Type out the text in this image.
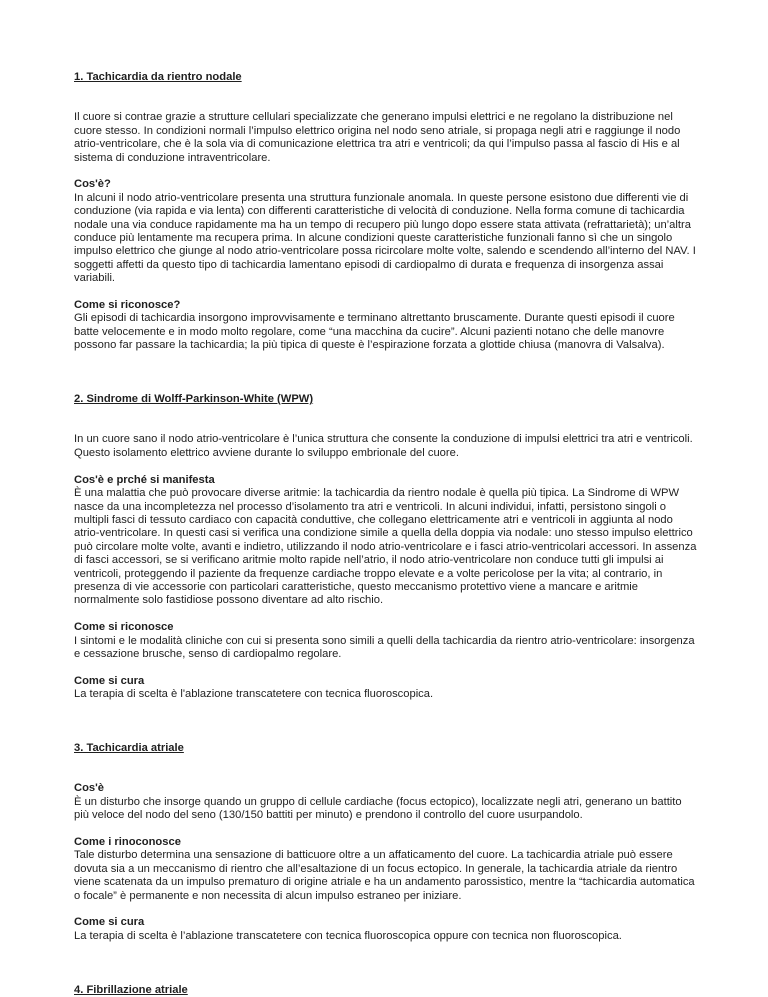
1. Tachicardia da rientro nodale
Il cuore si contrae grazie a strutture cellulari specializzate che generano impulsi elettrici e ne regolano la distribuzione nel cuore stesso. In condizioni normali l’impulso elettrico origina nel nodo seno atriale, si propaga negli atri e raggiunge il nodo atrio-ventricolare, che è la sola via di comunicazione elettrica tra atri e ventricoli; da qui l’impulso passa al fascio di His e al sistema di conduzione intraventricolare.
Cos'è?
In alcuni il nodo atrio-ventricolare presenta una struttura funzionale anomala. In queste persone esistono due differenti vie di conduzione (via rapida e via lenta) con differenti caratteristiche di velocità di conduzione. Nella forma comune di tachicardia nodale una via conduce rapidamente ma ha un tempo di recupero più lungo dopo essere stata attivata (refrattarietà); un’altra conduce più lentamente ma recupera prima. In alcune condizioni queste caratteristiche funzionali fanno sì che un singolo impulso elettrico che giunge al nodo atrio-ventricolare possa ricircolare molte volte, salendo e scendendo all’interno del NAV. I soggetti affetti da questo tipo di tachicardia lamentano episodi di cardiopalmo di durata e frequenza di insorgenza assai variabili.
Come si riconosce?
Gli episodi di tachicardia insorgono improvvisamente e terminano altrettanto bruscamente. Durante questi episodi il cuore batte velocemente e in modo molto regolare, come “una macchina da cucire”. Alcuni pazienti notano che delle manovre possono far passare la tachicardia; la più tipica di queste è l’espirazione forzata a glottide chiusa (manovra di Valsalva).
2. Sindrome di Wolff-Parkinson-White (WPW)
In un cuore sano il nodo atrio-ventricolare è l’unica struttura che consente la conduzione di impulsi elettrici tra atri e ventricoli. Questo isolamento elettrico avviene durante lo sviluppo embrionale del cuore.
Cos'è e prché si manifesta
È una malattia che può provocare diverse aritmie: la tachicardia da rientro nodale è quella più tipica. La Sindrome di WPW nasce da una incompletezza nel processo d’isolamento tra atri e ventricoli. In alcuni individui, infatti, persistono singoli o multipli fasci di tessuto cardiaco con capacità conduttive, che collegano elettricamente atri e ventricoli in aggiunta al nodo atrio-ventricolare. In questi casi si verifica una condizione simile a quella della doppia via nodale: uno stesso impulso elettrico può circolare molte volte, avanti e indietro, utilizzando il nodo atrio-ventricolare e i fasci atrio-ventricolari accessori. In assenza di fasci accessori, se si verificano aritmie molto rapide nell’atrio, il nodo atrio-ventricolare non conduce tutti gli impulsi ai ventricoli, proteggendo il paziente da frequenze cardiache troppo elevate e a volte pericolose per la vita; al contrario, in presenza di vie accessorie con particolari caratteristiche, questo meccanismo protettivo viene a mancare e aritmie normalmente solo fastidiose possono diventare ad alto rischio.
Come si riconosce
I sintomi e le modalità cliniche con cui si presenta sono simili a quelli della tachicardia da rientro atrio-ventricolare: insorgenza e cessazione brusche, senso di cardiopalmo regolare.
Come si cura
La terapia di scelta è l'ablazione transcatetere con tecnica fluoroscopica.
3. Tachicardia atriale
Cos'è
È un disturbo che insorge quando un gruppo di cellule cardiache (focus ectopico), localizzate negli atri, generano un battito più veloce del nodo del seno (130/150 battiti per minuto) e prendono il controllo del cuore usurpandolo.
Come i rinoconosce
Tale disturbo determina una sensazione di batticuore oltre a un affaticamento del cuore. La tachicardia atriale può essere dovuta sia a un meccanismo di rientro che all’esaltazione di un focus ectopico. In generale, la tachicardia atriale da rientro viene scatenata da un impulso prematuro di origine atriale e ha un andamento parossistico, mentre la “tachicardia automatica o focale” è permanente e non necessita di alcun impulso estraneo per iniziare.
Come si cura
La terapia di scelta è l’ablazione transcatetere con tecnica fluoroscopica oppure con tecnica non fluoroscopica.
4. Fibrillazione atriale
